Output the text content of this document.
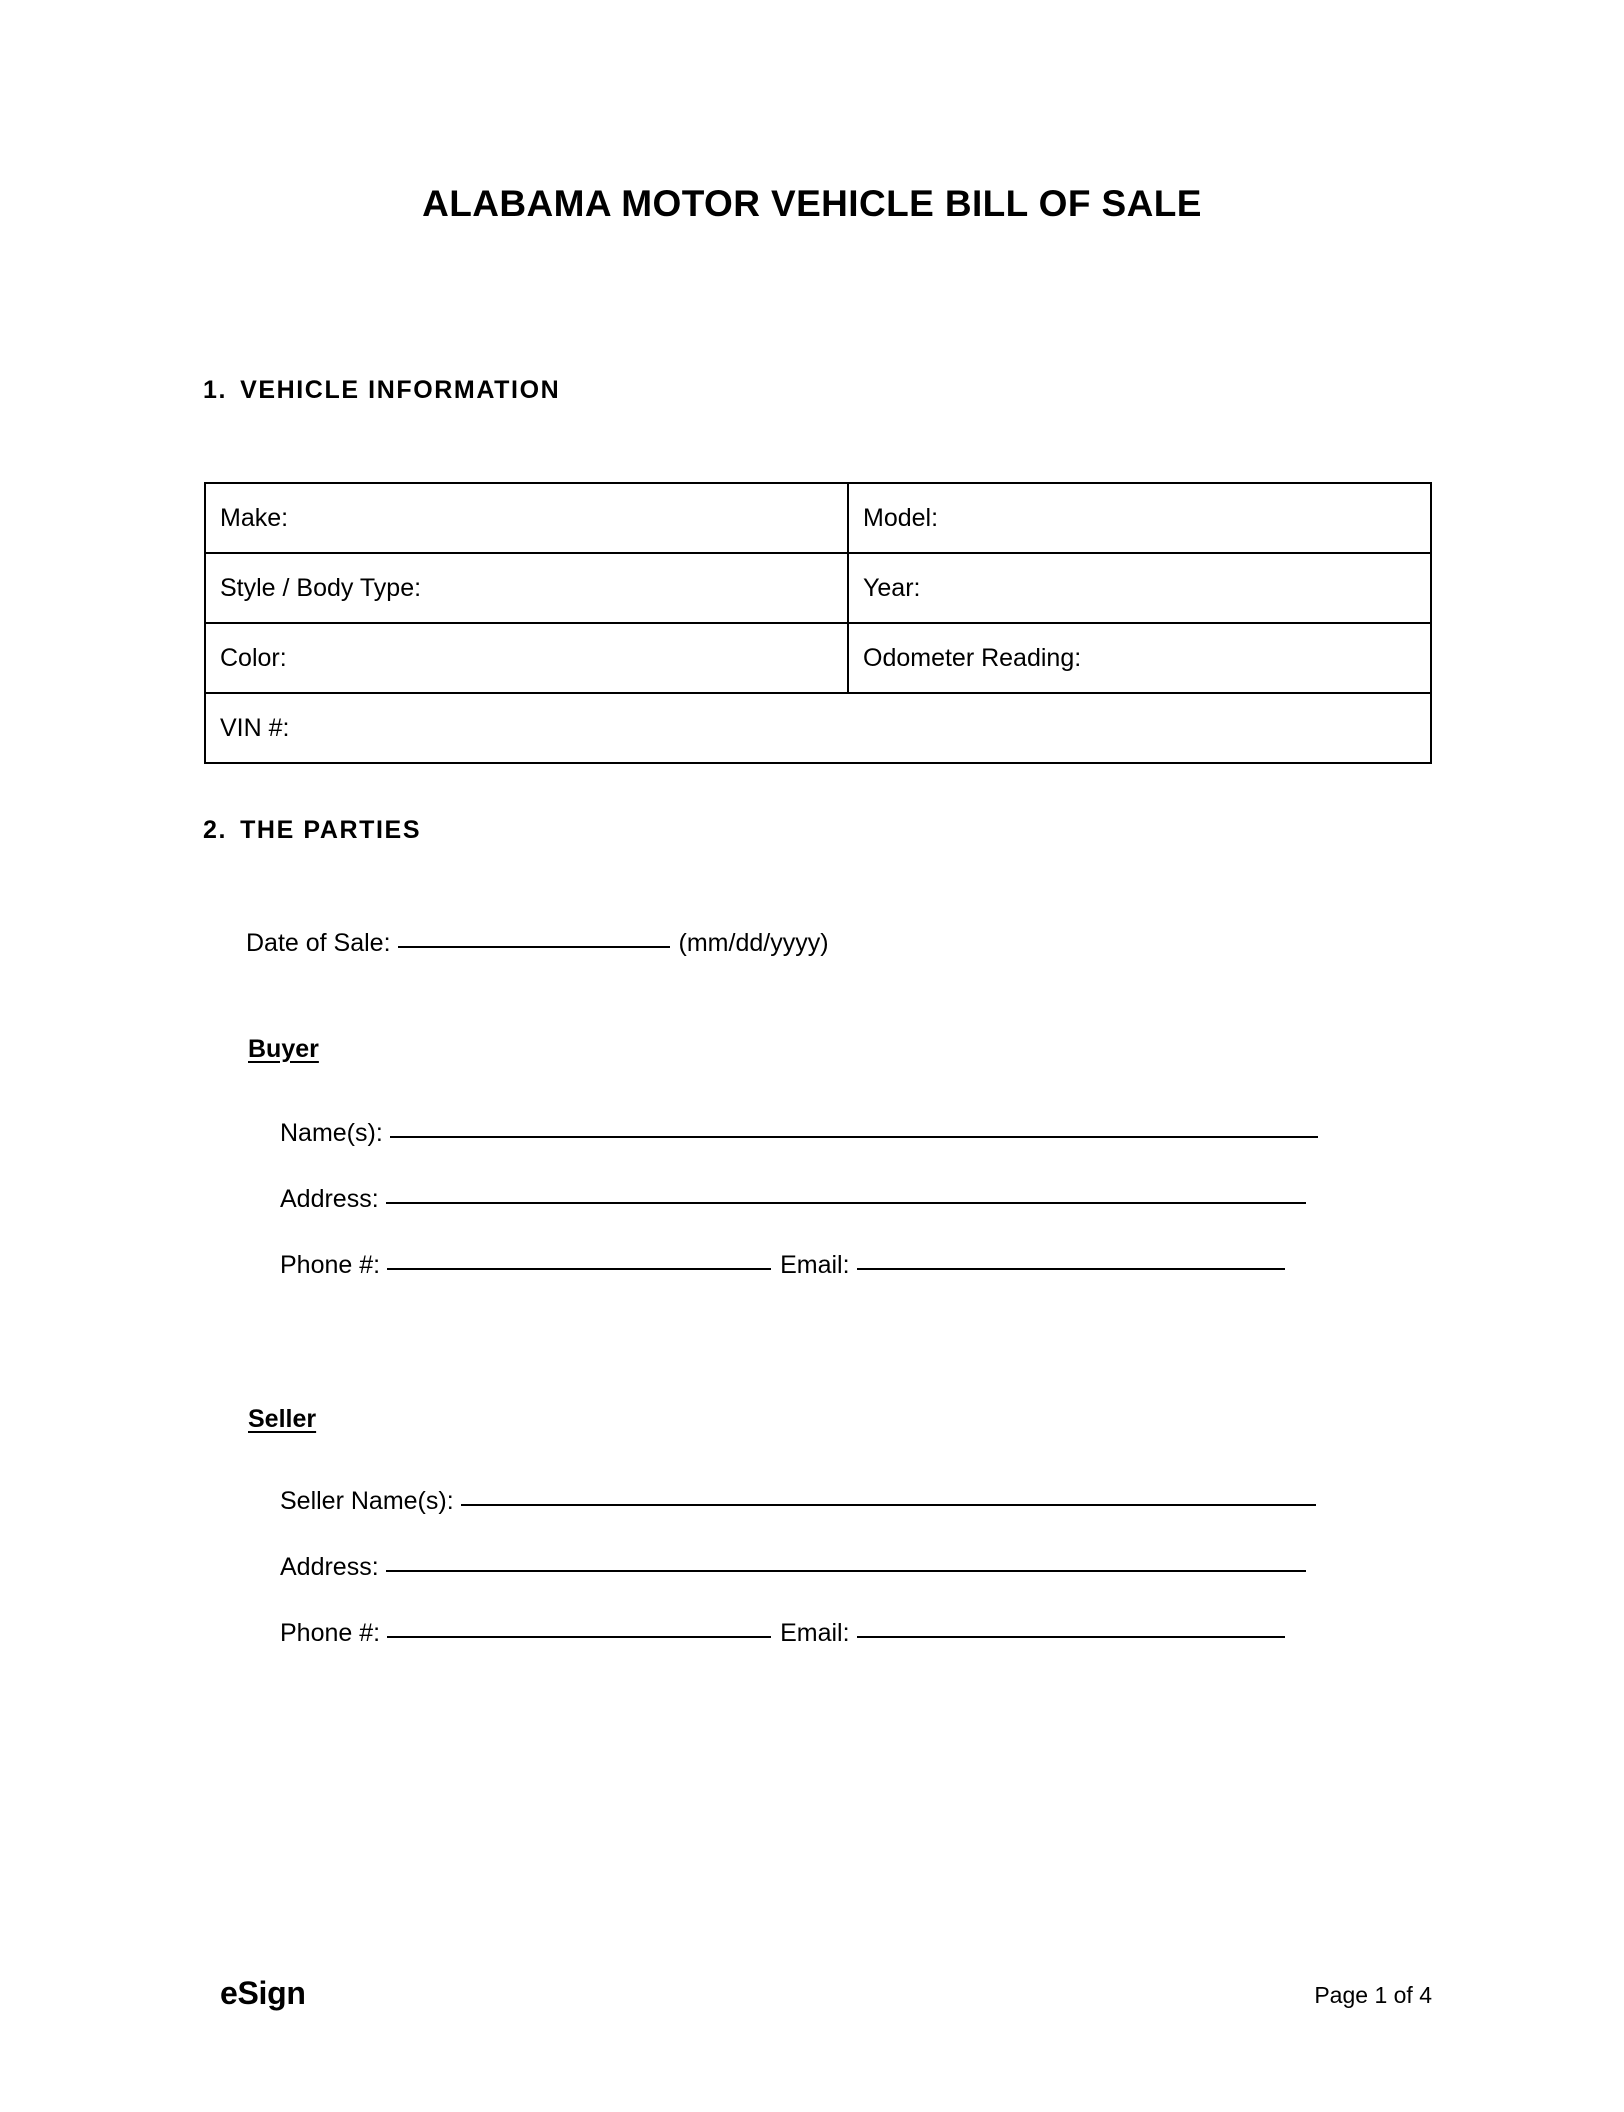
ALABAMA MOTOR VEHICLE BILL OF SALE
1. VEHICLE INFORMATION
Make:	Model:
Style / Body Type:	Year:
Color:	Odometer Reading:
VIN #:	
2. THE PARTIES
Date of Sale:	(mm/dd/yyyy)
Buyer
Name(s):
Address:
Phone #:	Email:
Seller
Seller Name(s):
Address:
Phone #:	Email:
eSign	Page 1 of 4
